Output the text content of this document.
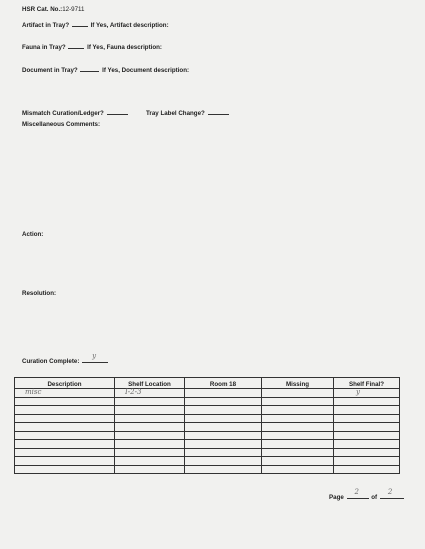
HSR Cat. No.:12-9711
Artifact in Tray?	If Yes, Artifact description:
Fauna in Tray?	If Yes, Fauna description:
Document in Tray?	If Yes, Document description:
Mismatch Curation/Ledger?	Tray Label Change?
Miscellaneous Comments:
Action:
Resolution:
Curation Complete:
y
Description	Shelf Location	Room 18	Missing	Shelf Final?

misc	I-2-3			y

Page
2
of
2
